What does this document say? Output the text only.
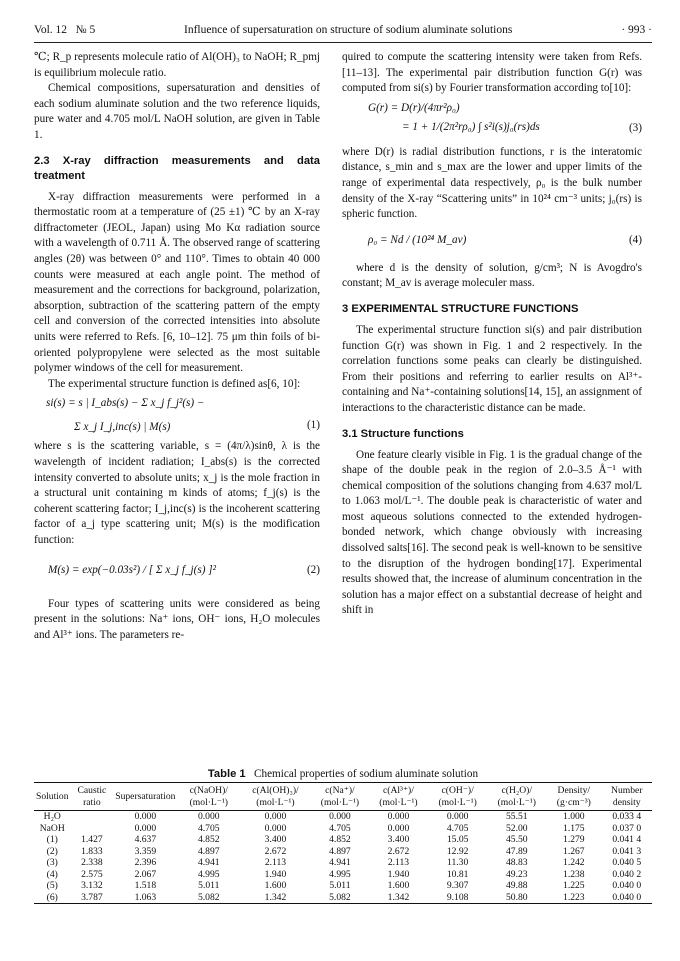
Vol. 12 № 5	Influence of supersaturation on structure of sodium aluminate solutions	· 993 ·

℃; R_p represents molecule ratio of Al(OH)₃ to NaOH; R_pmj is equilibrium molecule ratio.

Chemical compositions, supersaturation and densities of each sodium aluminate solution and the two reference liquids, pure water and 4.705 mol/L NaOH solution, are given in Table 1.

2.3 X-ray diffraction measurements and data treatment

X-ray diffraction measurements were performed in a thermostatic room at a temperature of (25 ±1) ℃ by an X-ray diffractometer (JEOL, Japan) using Mo Kα radiation source with a wavelength of 0.711 Å. The observed range of scattering angles (2θ) was between 0° and 110°. Times to obtain 40 000 counts were measured at each angle point. The method of measurement and the corrections for background, polarization, absorption, subtraction of the scattering pattern of the empty cell and conversion of the corrected intensities into absolute units were referred to Refs. [6, 10–12]. 75 μm thin foils of bi-oriented polypropylene were selected as the most suitable polymer windows of the cell for measurement.

The experimental structure function is defined as[6, 10]:

si(s) = s | I_abs(s) − Σ x_j f_j²(s) −
Σ x_j I_j,inc(s) | M(s)	(1)

where s is the scattering variable, s = (4π/λ)sinθ, λ is the wavelength of incident radiation; I_abs(s) is the corrected intensity converted to absolute units; x_j is the mole fraction in a structural unit containing m kinds of atoms; f_j(s) is the coherent scattering factor; I_j,inc(s) is the incoherent scattering factor of a_j type scattering unit; M(s) is the modification function:

M(s) = exp(−0.03s²) / [ Σ x_j f_j(s) ]²	(2)

Four types of scattering units were considered as being present in the solutions: Na⁺ ions, OH⁻ ions, H₂O molecules and Al³⁺ ions. The parameters re-

quired to compute the scattering intensity were taken from Refs. [11–13]. The experimental pair distribution function G(r) was computed from si(s) by Fourier transformation according to[10]:

G(r) = D(r)/(4πr²ρ₀)
= 1 + 1/(2π²rρ₀) ∫ s²i(s)j₀(rs)ds	(3)

where D(r) is radial distribution functions, r is the interatomic distance, s_min and s_max are the lower and upper limits of the range of experimental data respectively, ρ₀ is the bulk number density of the X-ray “Scattering units” in 10²⁴ cm⁻³ units; j₀(rs) is spheric function.

ρ₀ = Nd / (10²⁴ M_av)	(4)

where d is the density of solution, g/cm³; N is Avogdro's constant; M_av is average moleculer mass.

3 EXPERIMENTAL STRUCTURE FUNCTIONS

The experimental structure function si(s) and pair distribution function G(r) was shown in Fig. 1 and 2 respectively. In the correlation functions some peaks can clearly be distinguished. From their positions and referring to earlier results on Al³⁺-containing and Na⁺-containing solutions[14, 15], an assignment of interactions to the characteristic distance can be made.

3.1 Structure functions

One feature clearly visible in Fig. 1 is the gradual change of the shape of the double peak in the region of 2.0–3.5 Å⁻¹ with chemical composition of the solutions changing from 4.637 mol/L to 1.063 mol/L⁻¹. The double peak is characteristic of water and most aqueous solutions connected to the extended hydrogen-bonded network, which change obviously with increasing dissolved salts[16]. The second peak is well-known to be sensitive to the disruption of the hydrogen bonding[17]. Experimental results showed that, the increase of aluminum concentration in the solution has a major effect on a substantial decrease of height and shift in

Table 1 Chemical properties of sodium aluminate solution
Solution	Caustic ratio	Supersaturation	c(NaOH)/ (mol·L⁻¹)	c(Al(OH)₃)/ (mol·L⁻¹)	c(Na⁺)/ (mol·L⁻¹)	c(Al³⁺)/ (mol·L⁻¹)	c(OH⁻)/ (mol·L⁻¹)	c(H₂O)/ (mol·L⁻¹)	Density/ (g·cm⁻³)	Number density
H₂O		0.000	0.000	0.000	0.000	0.000	0.000	55.51	1.000	0.033 4
NaOH		0.000	4.705	0.000	4.705	0.000	4.705	52.00	1.175	0.037 0
(1)	1.427	4.637	4.852	3.400	4.852	3.400	15.05	45.50	1.279	0.041 4
(2)	1.833	3.359	4.897	2.672	4.897	2.672	12.92	47.89	1.267	0.041 3
(3)	2.338	2.396	4.941	2.113	4.941	2.113	11.30	48.83	1.242	0.040 5
(4)	2.575	2.067	4.995	1.940	4.995	1.940	10.81	49.23	1.238	0.040 2
(5)	3.132	1.518	5.011	1.600	5.011	1.600	9.307	49.88	1.225	0.040 0
(6)	3.787	1.063	5.082	1.342	5.082	1.342	9.108	50.80	1.223	0.040 0
